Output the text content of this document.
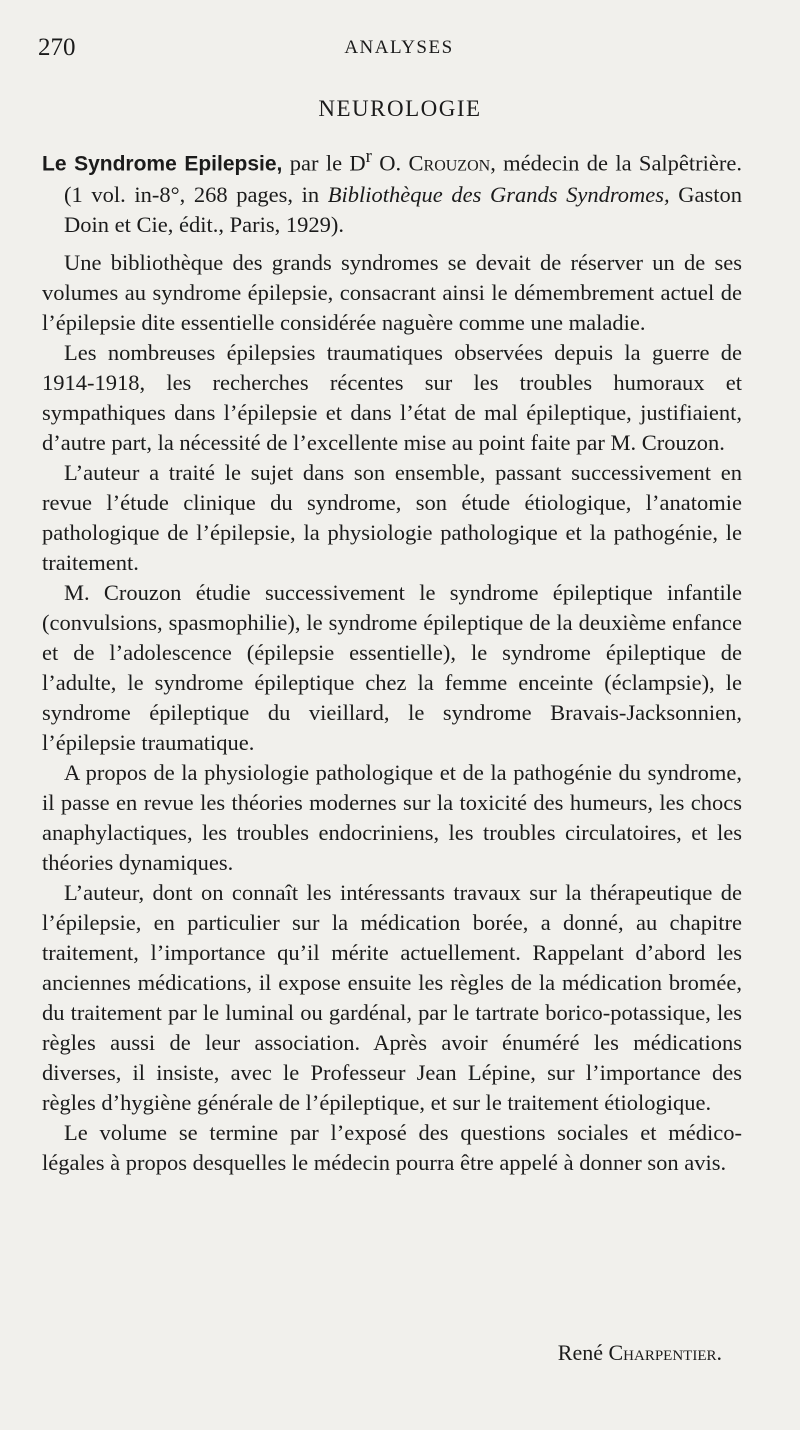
270	ANALYSES
NEUROLOGIE
Le Syndrome Epilepsie, par le $D^r$ O. Crouzon, médecin de la Salpêtrière. (1 vol. in-8°, 268 pages, in Bibliothèque des Grands Syndromes, Gaston Doin et Cie, édit., Paris, 1929).

Une bibliothèque des grands syndromes se devait de réserver un de ses volumes au syndrome épilepsie, consacrant ainsi le démembrement actuel de l’épilepsie dite essentielle considérée naguère comme une maladie.

Les nombreuses épilepsies traumatiques observées depuis la guerre de 1914-1918, les recherches récentes sur les troubles humoraux et sympathiques dans l’épilepsie et dans l’état de mal épileptique, justifiaient, d’autre part, la nécessité de l’excellente mise au point faite par M. Crouzon.

L’auteur a traité le sujet dans son ensemble, passant successivement en revue l’étude clinique du syndrome, son étude étiologique, l’anatomie pathologique de l’épilepsie, la physiologie pathologique et la pathogénie, le traitement.

M. Crouzon étudie successivement le syndrome épileptique infantile (convulsions, spasmophilie), le syndrome épileptique de la deuxième enfance et de l’adolescence (épilepsie essentielle), le syndrome épileptique de l’adulte, le syndrome épileptique chez la femme enceinte (éclampsie), le syndrome épileptique du vieillard, le syndrome Bravais-Jacksonnien, l’épilepsie traumatique.

A propos de la physiologie pathologique et de la pathogénie du syndrome, il passe en revue les théories modernes sur la toxicité des humeurs, les chocs anaphylactiques, les troubles endocriniens, les troubles circulatoires, et les théories dynamiques.

L’auteur, dont on connaît les intéressants travaux sur la thérapeutique de l’épilepsie, en particulier sur la médication borée, a donné, au chapitre traitement, l’importance qu’il mérite actuellement. Rappelant d’abord les anciennes médications, il expose ensuite les règles de la médication bromée, du traitement par le luminal ou gardénal, par le tartrate borico-potassique, les règles aussi de leur association. Après avoir énuméré les médications diverses, il insiste, avec le Professeur Jean Lépine, sur l’importance des règles d’hygiène générale de l’épileptique, et sur le traitement étiologique.

Le volume se termine par l’exposé des questions sociales et médico-légales à propos desquelles le médecin pourra être appelé à donner son avis.

René Charpentier.
